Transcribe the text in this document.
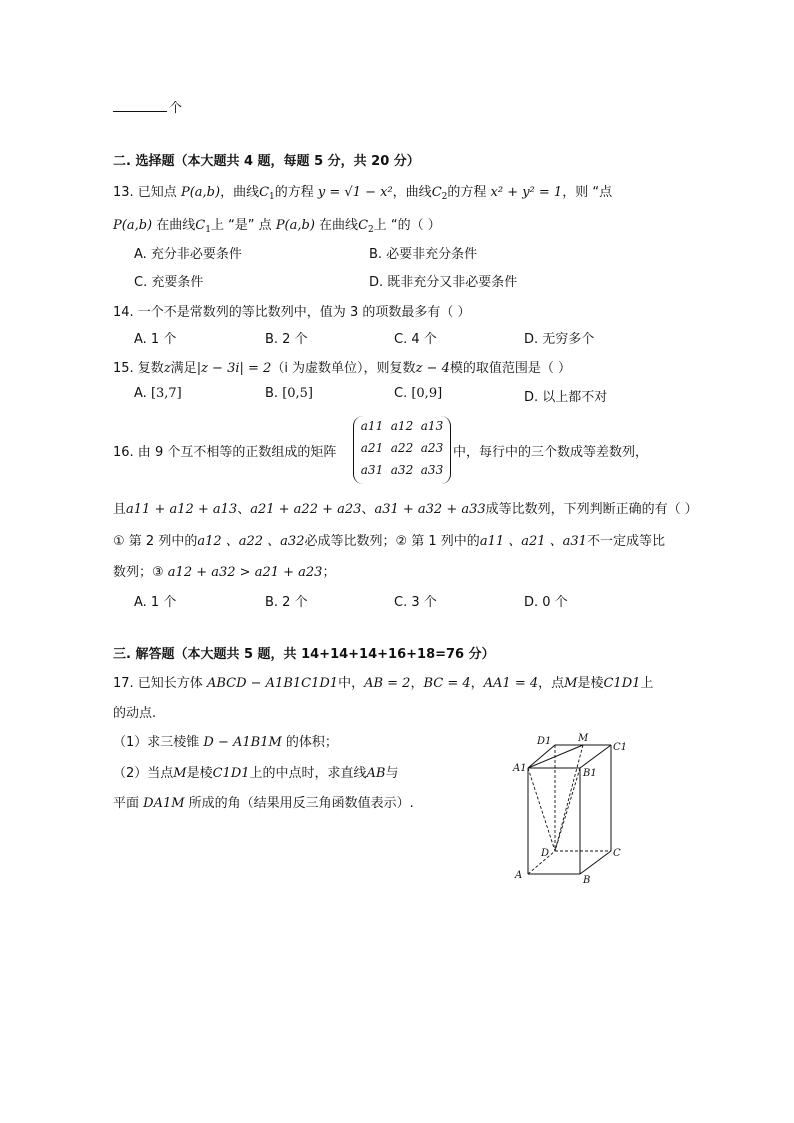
个
二. 选择题（本大题共 4 题，每题 5 分，共 20 分）
13. 已知点 P(a,b)，曲线$C_1$的方程 y = √1 − x²，曲线$C_2$的方程 x² + y² = 1，则 “点
P(a,b) 在曲线$C_1$上 “是” 点 P(a,b) 在曲线$C_2$上 “的（ ）
A. 充分非必要条件	B. 必要非充分条件
C. 充要条件	D. 既非充分又非必要条件
14. 一个不是常数列的等比数列中，值为 3 的项数最多有（ ）
A. 1 个	B. 2 个	C. 4 个	D. 无穷多个
15. 复数z满足|z − 3i| = 2（i 为虚数单位），则复数z − 4模的取值范围是（ ）
A. [3,7]	B. [0,5]	C. [0,9]	D. 以上都不对
16. 由 9 个互不相等的正数组成的矩阵
a11 a12 a13
a21 a22 a23
a31 a32 a33
中，每行中的三个数成等差数列，
且a11 + a12 + a13、a21 + a22 + a23、a31 + a32 + a33成等比数列，下列判断正确的有（ ）
① 第 2 列中的a12 、a22 、a32必成等比数列；② 第 1 列中的a11 、a21 、a31不一定成等比
数列；③ a12 + a32 > a21 + a23；
A. 1 个	B. 2 个	C. 3 个	D. 0 个
三. 解答题（本大题共 5 题，共 14+14+14+16+18=76 分）
17. 已知长方体 ABCD − A1B1C1D1中，AB = 2，BC = 4，AA1 = 4，点M是棱C1D1上
的动点.
（1）求三棱锥 D − A1B1M 的体积；
（2）当点M是棱C1D1上的中点时，求直线AB与
平面 DA1M 所成的角（结果用反三角函数值表示）.
D1	M
C1
A1	B1
D	C
A	B
